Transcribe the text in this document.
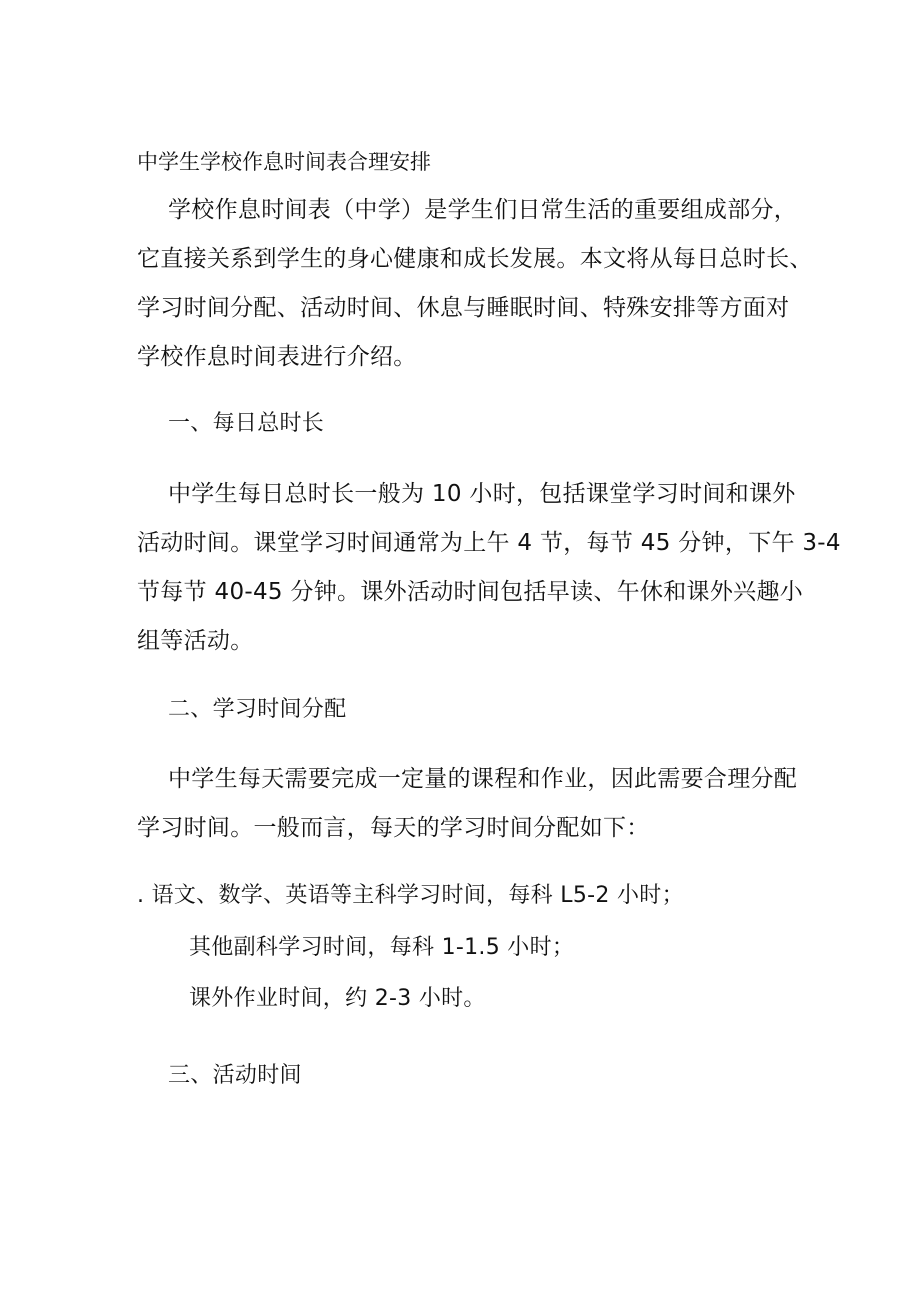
中学生学校作息时间表合理安排
学校作息时间表（中学）是学生们日常生活的重要组成部分，
它直接关系到学生的身心健康和成长发展。本文将从每日总时长、
学习时间分配、活动时间、休息与睡眠时间、特殊安排等方面对
学校作息时间表进行介绍。
一、每日总时长
中学生每日总时长一般为 10 小时，包括课堂学习时间和课外
活动时间。课堂学习时间通常为上午 4 节，每节 45 分钟，下午 3-4
节每节 40-45 分钟。课外活动时间包括早读、午休和课外兴趣小
组等活动。
二、学习时间分配
中学生每天需要完成一定量的课程和作业，因此需要合理分配
学习时间。一般而言，每天的学习时间分配如下：
. 语文、数学、英语等主科学习时间，每科 L5-2 小时；
其他副科学习时间，每科 1-1.5 小时；
课外作业时间，约 2-3 小时。
三、活动时间
